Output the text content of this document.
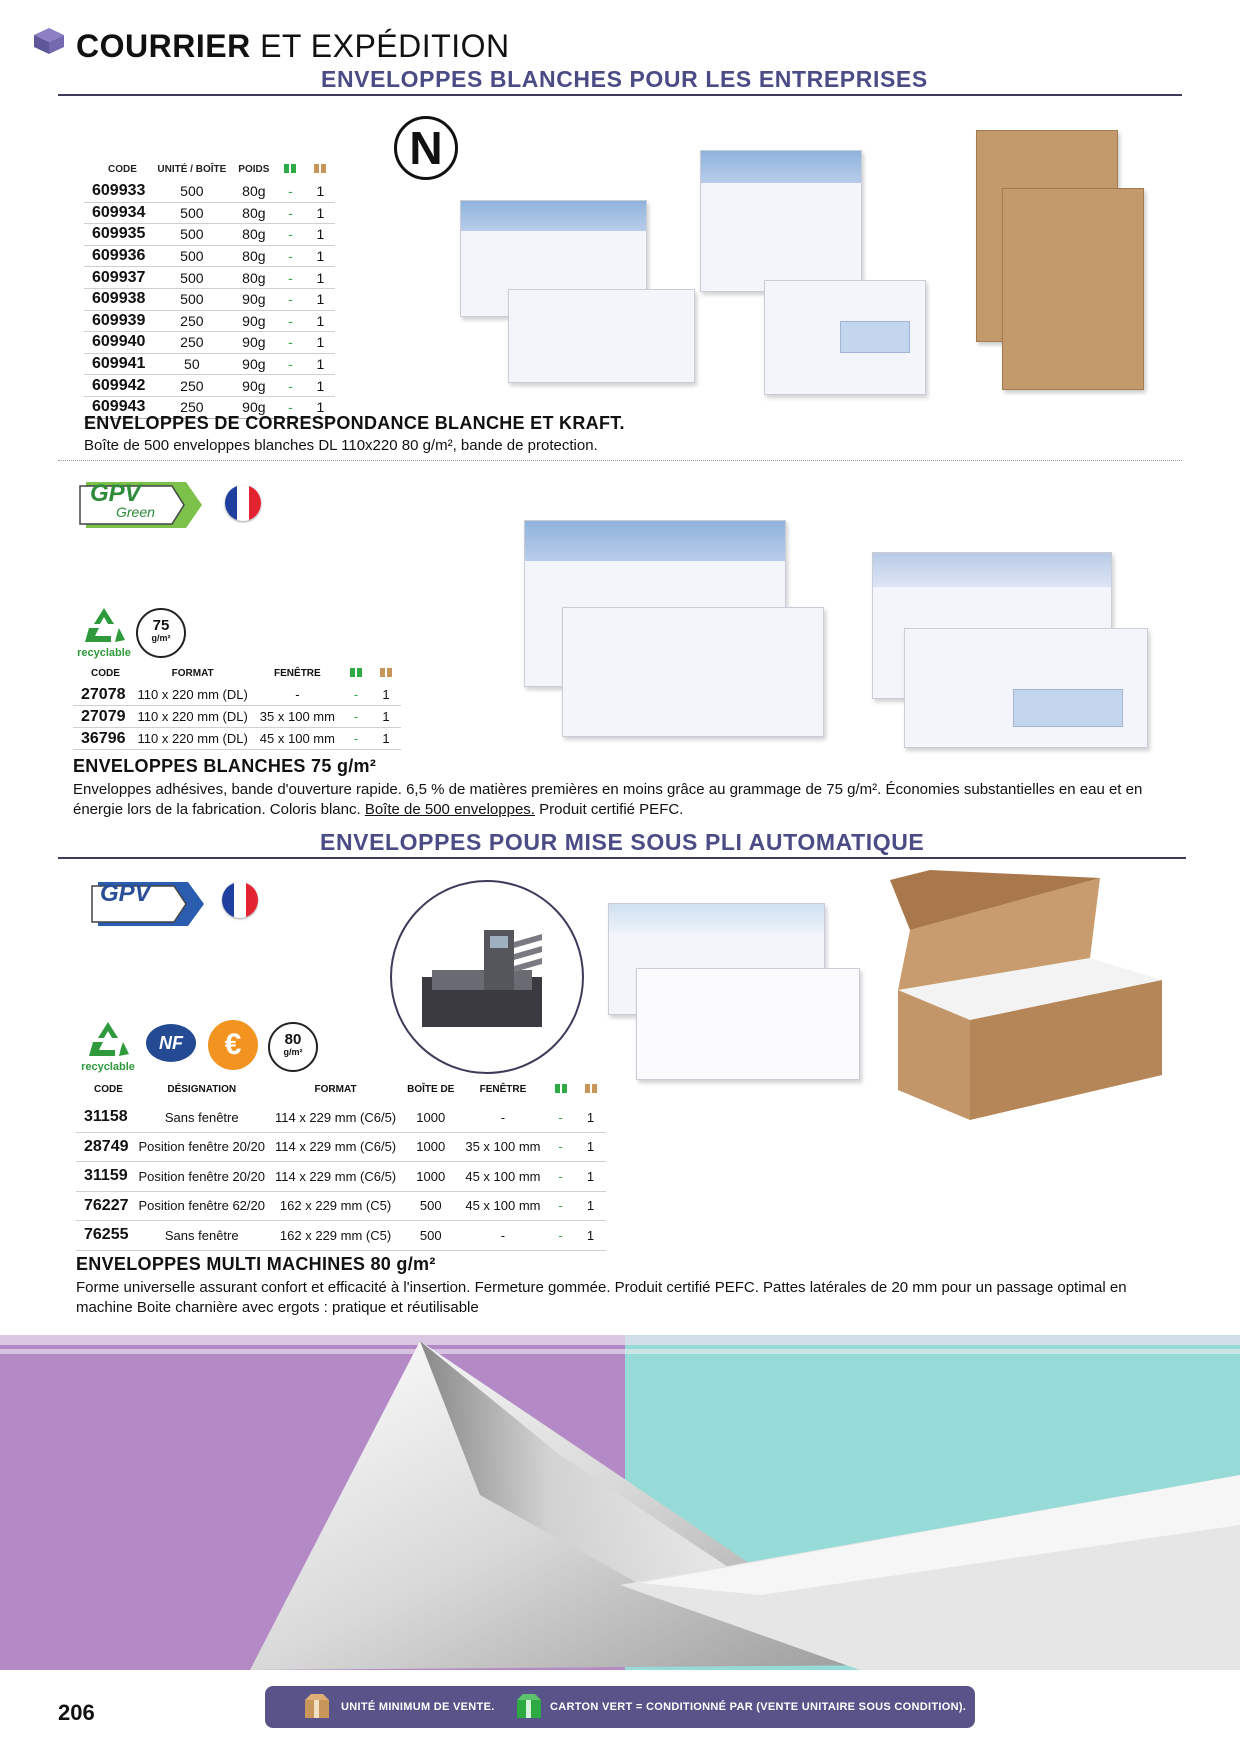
COURRIER ET EXPÉDITION
ENVELOPPES BLANCHES POUR LES ENTREPRISES
N
CODE	UNITÉ / BOÎTE	POIDS		
609933	500	80g	-	1
609934	500	80g	-	1
609935	500	80g	-	1
609936	500	80g	-	1
609937	500	80g	-	1
609938	500	90g	-	1
609939	250	90g	-	1
609940	250	90g	-	1
609941	50	90g	-	1
609942	250	90g	-	1
609943	250	90g	-	1
ENVELOPPES DE CORRESPONDANCE BLANCHE ET KRAFT.
Boîte de 500 enveloppes blanches DL 110x220 80 g/m², bande de protection.
GPV
Green
recyclable
75
g/m²
CODE	FORMAT	FENÊTRE		
27078	110 x 220 mm (DL)	-	-	1
27079	110 x 220 mm (DL)	35 x 100 mm	-	1
36796	110 x 220 mm (DL)	45 x 100 mm	-	1
ENVELOPPES BLANCHES 75 g/m²
Enveloppes adhésives, bande d'ouverture rapide. 6,5 % de matières premières en moins grâce au grammage de 75 g/m². Économies substantielles en eau et en énergie lors de la fabrication. Coloris blanc. Boîte de 500 enveloppes. Produit certifié PEFC.
ENVELOPPES POUR MISE SOUS PLI AUTOMATIQUE
GPV
recyclable
NF	€	80
g/m²
CODE	DÉSIGNATION	FORMAT	BOÎTE DE	FENÊTRE		
31158	Sans fenêtre	114 x 229 mm (C6/5)	1000	-	-	1
28749	Position fenêtre 20/20	114 x 229 mm (C6/5)	1000	35 x 100 mm	-	1
31159	Position fenêtre 20/20	114 x 229 mm (C6/5)	1000	45 x 100 mm	-	1
76227	Position fenêtre 62/20	162 x 229 mm (C5)	500	45 x 100 mm	-	1
76255	Sans fenêtre	162 x 229 mm (C5)	500	-	-	1
ENVELOPPES MULTI MACHINES 80 g/m²
Forme universelle assurant confort et efficacité à l'insertion. Fermeture gommée. Produit certifié PEFC. Pattes latérales de 20 mm pour un passage optimal en machine Boite charnière avec ergots : pratique et réutilisable
206	UNITÉ MINIMUM DE VENTE.	CARTON VERT = CONDITIONNÉ PAR (VENTE UNITAIRE SOUS CONDITION).
